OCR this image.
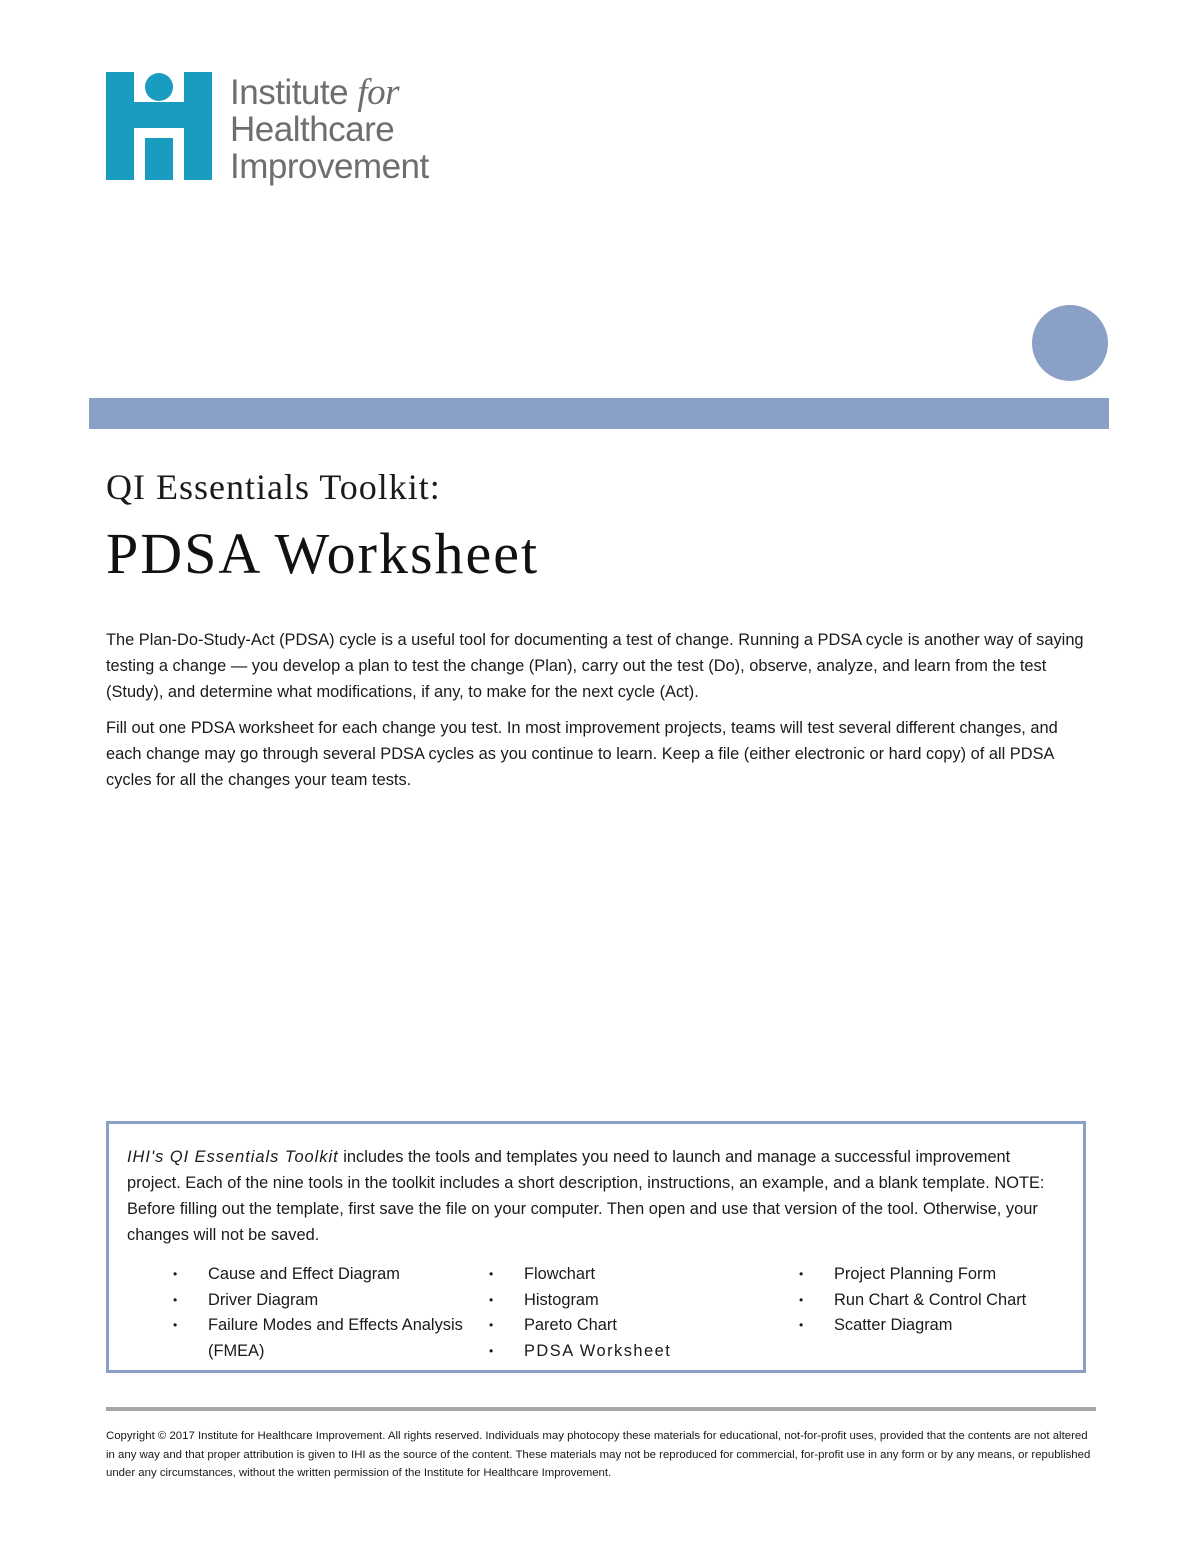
Institute for
Healthcare
Improvement
QI Essentials Toolkit:
PDSA Worksheet

The Plan-Do-Study-Act (PDSA) cycle is a useful tool for documenting a test of change. Running a PDSA cycle is another way of saying testing a change — you develop a plan to test the change (Plan), carry out the test (Do), observe, analyze, and learn from the test (Study), and determine what modifications, if any, to make for the next cycle (Act).

Fill out one PDSA worksheet for each change you test. In most improvement projects, teams will test several different changes, and each change may go through several PDSA cycles as you continue to learn. Keep a file (either electronic or hard copy) of all PDSA cycles for all the changes your team tests.

IHI's QI Essentials Toolkit includes the tools and templates you need to launch and manage a successful improvement project. Each of the nine tools in the toolkit includes a short description, instructions, an example, and a blank template. NOTE: Before filling out the template, first save the file on your computer. Then open and use that version of the tool. Otherwise, your changes will not be saved.

• Cause and Effect Diagram
• Driver Diagram
• Failure Modes and Effects Analysis (FMEA)
• Flowchart
• Histogram
• Pareto Chart
• PDSA Worksheet
• Project Planning Form
• Run Chart & Control Chart
• Scatter Diagram
Copyright © 2017 Institute for Healthcare Improvement. All rights reserved. Individuals may photocopy these materials for educational, not-for-profit uses, provided that the contents are not altered in any way and that proper attribution is given to IHI as the source of the content. These materials may not be reproduced for commercial, for-profit use in any form or by any means, or republished under any circumstances, without the written permission of the Institute for Healthcare Improvement.
